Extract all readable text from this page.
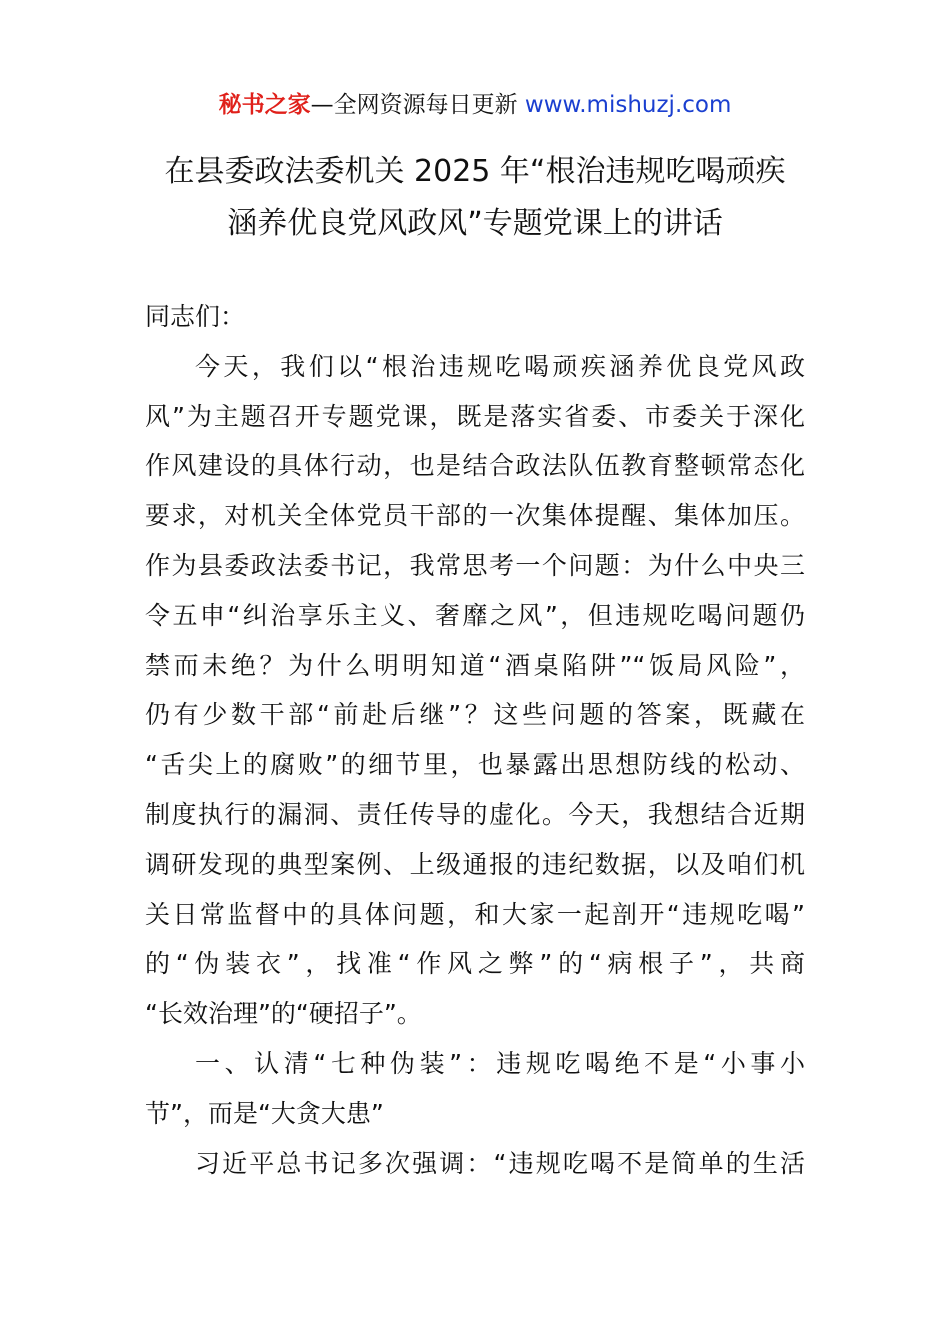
秘书之家—全网资源每日更新 www.mishuzj.com
在县委政法委机关 2025 年“根治违规吃喝顽疾
涵养优良党风政风”专题党课上的讲话
同志们：
今天，我们以“根治违规吃喝顽疾涵养优良党风政
风”为主题召开专题党课，既是落实省委、市委关于深化
作风建设的具体行动，也是结合政法队伍教育整顿常态化
要求，对机关全体党员干部的一次集体提醒、集体加压。
作为县委政法委书记，我常思考一个问题：为什么中央三
令五申“纠治享乐主义、奢靡之风”，但违规吃喝问题仍
禁而未绝？为什么明明知道“酒桌陷阱”“饭局风险”，
仍有少数干部“前赴后继”？这些问题的答案，既藏在
“舌尖上的腐败”的细节里，也暴露出思想防线的松动、
制度执行的漏洞、责任传导的虚化。今天，我想结合近期
调研发现的典型案例、上级通报的违纪数据，以及咱们机
关日常监督中的具体问题，和大家一起剖开“违规吃喝”
的“伪装衣”，找准“作风之弊”的“病根子”，共商
“长效治理”的“硬招子”。
一、认清“七种伪装”：违规吃喝绝不是“小事小
节”，而是“大贪大患”
习近平总书记多次强调：“违规吃喝不是简单的生活
